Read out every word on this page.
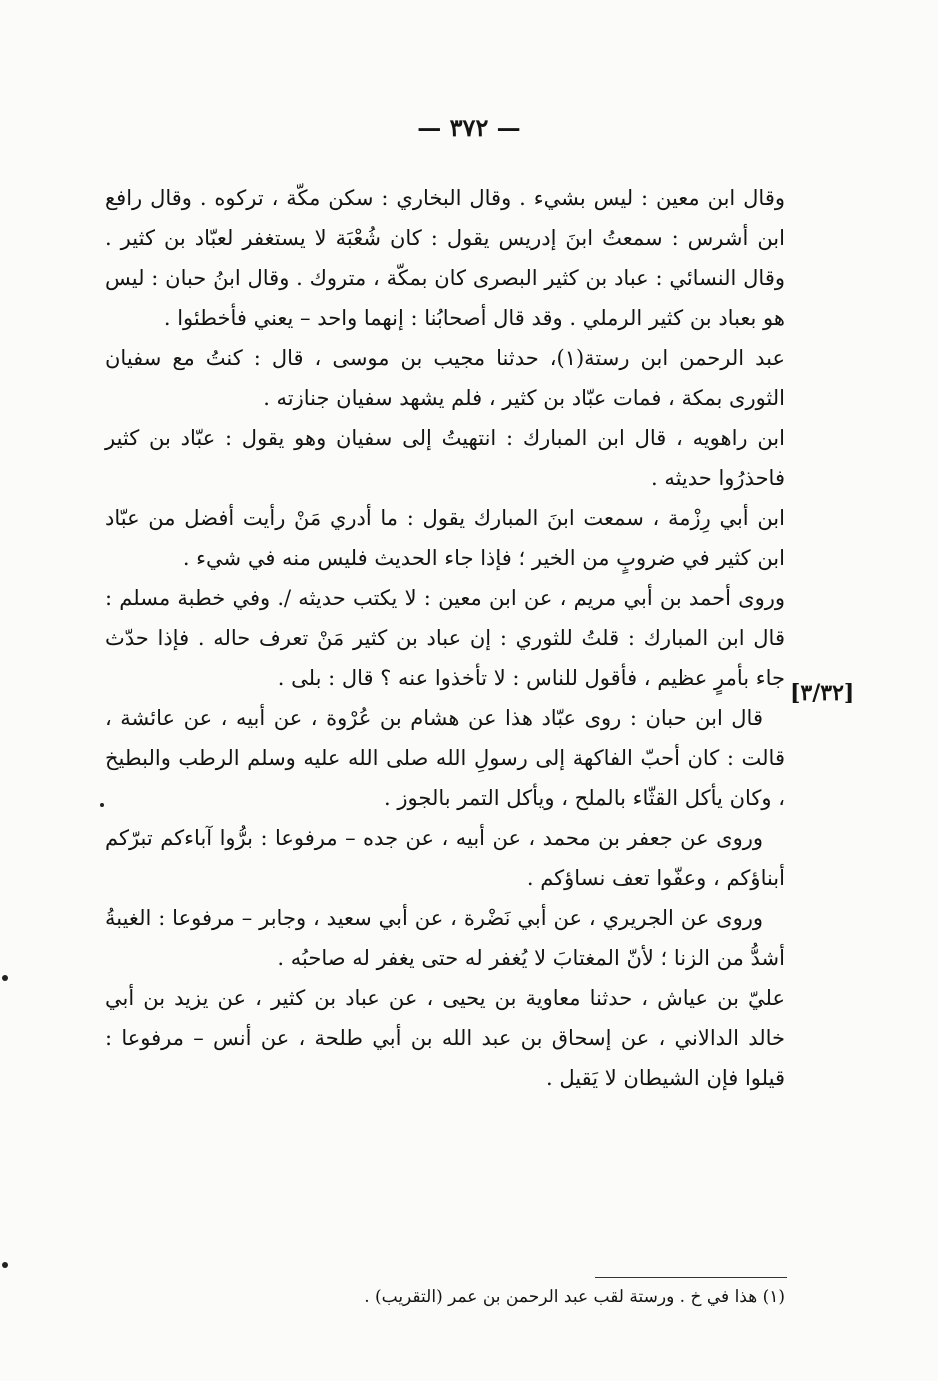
— ٣٧٢ —

وقال ابن معين : ليس بشيء . وقال البخاري : سكن مكّة ، تركوه . وقال رافع ابن أشرس : سمعتُ ابنَ إدريس يقول : كان شُعْبَة لا يستغفر لعبّاد بن كثير . وقال النسائي : عباد بن كثير البصرى كان بمكّة ، متروك . وقال ابنُ حبان : ليس هو بعباد بن كثير الرملي . وقد قال أصحابُنا : إنهما واحد – يعني فأخطئوا .

عبد الرحمن ابن رستة(١)، حدثنا مجيب بن موسى ، قال : كنتُ مع سفيان الثورى بمكة ، فمات عبّاد بن كثير ، فلم يشهد سفيان جنازته .

ابن راهويه ، قال ابن المبارك : انتهيتُ إلى سفيان وهو يقول : عبّاد بن كثير فاحذرُوا حديثه .

ابن أبي رِزْمة ، سمعت ابنَ المبارك يقول : ما أدري مَنْ رأيت أفضل من عبّاد ابن كثير في ضروبٍ من الخير ؛ فإذا جاء الحديث فليس منه في شيء .

وروى أحمد بن أبي مريم ، عن ابن معين : لا يكتب حديثه /. وفي خطبة مسلم : قال ابن المبارك : قلتُ للثوري : إن عباد بن كثير مَنْ تعرف حاله . فإذا حدّث جاء بأمرٍ عظيم ، فأقول للناس : لا تأخذوا عنه ؟ قال : بلى .

قال ابن حبان : روى عبّاد هذا عن هشام بن عُرْوة ، عن أبيه ، عن عائشة ، قالت : كان أحبّ الفاكهة إلى رسولِ الله صلى الله عليه وسلم الرطب والبطيخ ، وكان يأكل القثّاء بالملح ، ويأكل التمر بالجوز .

وروى عن جعفر بن محمد ، عن أبيه ، عن جده – مرفوعا : برُّوا آباءكم تبرّكم أبناؤكم ، وعفّوا تعف نساؤكم .

وروى عن الجريري ، عن أبي نَضْرة ، عن أبي سعيد ، وجابر – مرفوعا : الغيبةُ أشدُّ من الزنا ؛ لأنّ المغتابَ لا يُغفر له حتى يغفر له صاحبُه .

عليّ بن عياش ، حدثنا معاوية بن يحيى ، عن عباد بن كثير ، عن يزيد بن أبي خالد الدالاني ، عن إسحاق بن عبد الله بن أبي طلحة ، عن أنس – مرفوعا : قيلوا فإن الشيطان لا يَقيل .

[٣/٣٢]
(١) هذا في خ . ورستة لقب عبد الرحمن بن عمر (التقريب) .
